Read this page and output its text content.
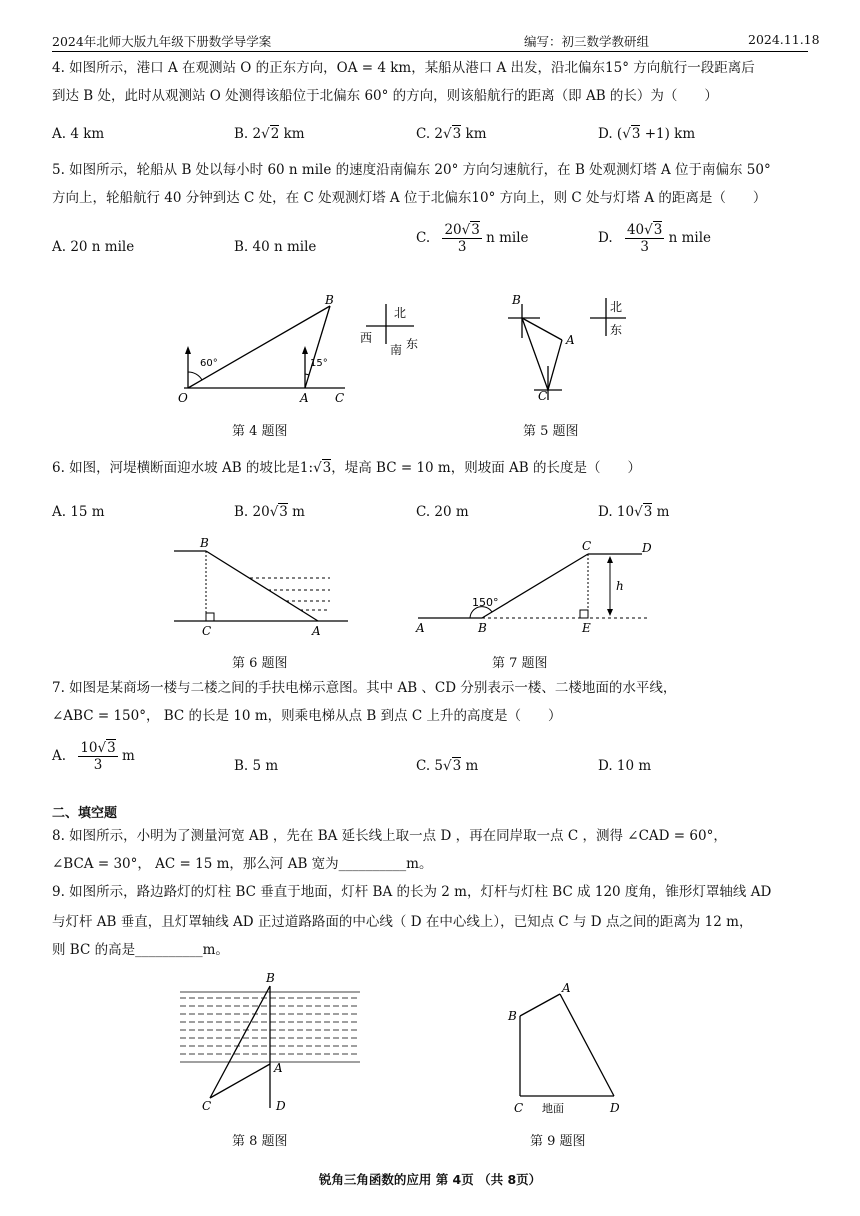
2024年北师大版九年级下册数学导学案	编写：初三数学教研组	2024.11.18
4. 如图所示，港口 A 在观测站 O 的正东方向，OA = 4 km，某船从港口 A 出发，沿北偏东15° 方向航行一段距离后
到达 B 处，此时从观测站 O 处测得该船位于北偏东 60° 的方向，则该船航行的距离（即 AB 的长）为（　　）
A. 4 km	B. 2√2 km	C. 2√3 km	D. (√3 +1) km
5. 如图所示，轮船从 B 处以每小时 60 n mile 的速度沿南偏东 20° 方向匀速航行，在 B 处观测灯塔 A 位于南偏东 50°
方向上，轮船航行 40 分钟到达 C 处，在 C 处观测灯塔 A 位于北偏东10° 方向上，则 C 处与灯塔 A 的距离是（　　）
A. 20 n mile	B. 40 n mile
C. $\frac{20√3}{3}$ n mile	D. $\frac{40√3}{3}$ n mile
B
O	A C
60°	15°
北
西
南 东
第 4 题图
B
A
C
北
东
第 5 题图
6. 如图，河堤横断面迎水坡 AB 的坡比是1:√3，堤高 BC = 10 m，则坡面 AB 的长度是（　　）
A. 15 m	B. 20√3 m	C. 20 m	D. 10√3 m
B
C	A
第 6 题图
150°
C	D
A	B	E
h
第 7 题图
7. 如图是某商场一楼与二楼之间的手扶电梯示意图。其中 AB 、CD 分别表示一楼、二楼地面的水平线，
∠ABC = 150°， BC 的长是 10 m，则乘电梯从点 B 到点 C 上升的高度是（　　）
A. $\frac{10√3}{3}$ m
B. 5 m	C. 5√3 m	D. 10 m
二、填空题
8. 如图所示，小明为了测量河宽 AB ，先在 BA 延长线上取一点 D ，再在同岸取一点 C ，测得 ∠CAD = 60°，
∠BCA = 30°， AC = 15 m，那么河 AB 宽为__________m。
9. 如图所示，路边路灯的灯柱 BC 垂直于地面，灯杆 BA 的长为 2 m，灯杆与灯柱 BC 成 120 度角，锥形灯罩轴线 AD
与灯杆 AB 垂直，且灯罩轴线 AD 正过道路路面的中心线（ D 在中心线上），已知点 C 与 D 点之间的距离为 12 m，
则 BC 的高是__________m。
B
A
C	D
第 8 题图
B
A
C	D
地面
第 9 题图
锐角三角函数的应用 第 4页 （共 8页）
